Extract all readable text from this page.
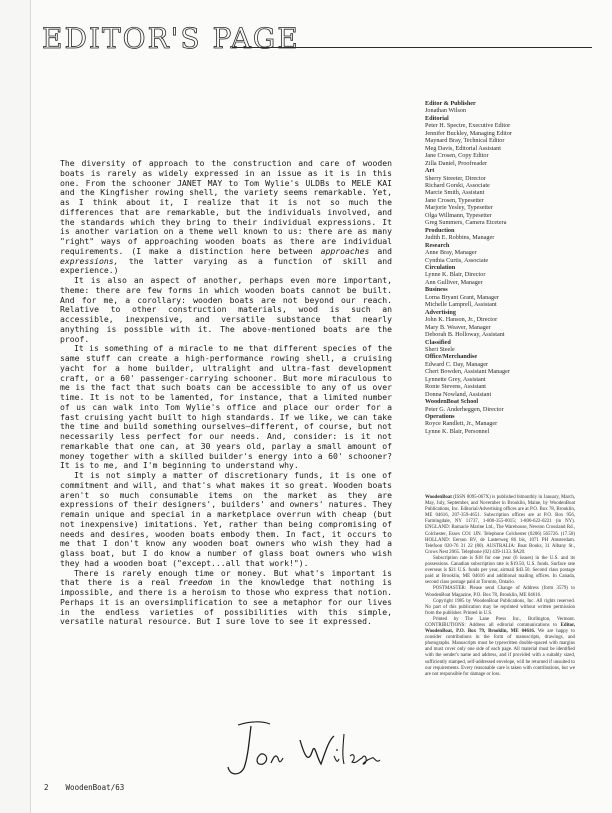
EDITOR'S PAGE

The diversity of approach to the construction and care of wooden boats is rarely as widely expressed in an issue as it is in this one. From the schooner JANET MAY to Tom Wylie's ULDBs to MELE KAI and the Kingfisher rowing shell, the variety seems remarkable. Yet, as I think about it, I realize that it is not so much the differences that are remarkable, but the individuals involved, and the standards which they bring to their individual expressions. It is another variation on a theme well known to us: there are as many "right" ways of approaching wooden boats as there are individual requirements. (I make a distinction here between approaches and expressions, the latter varying as a function of skill and experience.)

It is also an aspect of another, perhaps even more important, theme: there are few forms in which wooden boats cannot be built. And for me, a corollary: wooden boats are not beyond our reach. Relative to other construction materials, wood is such an accessible, inexpensive, and versatile substance that nearly anything is possible with it. The above-mentioned boats are the proof.

It is something of a miracle to me that different species of the same stuff can create a high-performance rowing shell, a cruising yacht for a home builder, ultralight and ultra-fast development craft, or a 60' passenger-carrying schooner. But more miraculous to me is the fact that such boats can be accessible to any of us over time. It is not to be lamented, for instance, that a limited number of us can walk into Tom Wylie's office and place our order for a fast cruising yacht built to high standards. If we like, we can take the time and build something ourselves—different, of course, but not necessarily less perfect for our needs. And, consider: is it not remarkable that one can, at 30 years old, parlay a small amount of money together with a skilled builder's energy into a 60' schooner? It is to me, and I'm beginning to understand why.

It is not simply a matter of discretionary funds, it is one of commitment and will, and that's what makes it so great. Wooden boats aren't so much consumable items on the market as they are expressions of their designers', builders' and owners' natures. They remain unique and special in a marketplace overrun with cheap (but not inexpensive) imitations. Yet, rather than being compromising of needs and desires, wooden boats embody them. In fact, it occurs to me that I don't know any wooden boat owners who wish they had a glass boat, but I do know a number of glass boat owners who wish they had a wooden boat ("except...all that work!").

There is rarely enough time or money. But what's important is that there is a real freedom in the knowledge that nothing is impossible, and there is a heroism to those who express that notion. Perhaps it is an oversimplification to see a metaphor for our lives in the endless varieties of possibilities with this simple, versatile natural resource. But I sure love to see it expressed.

Editor & Publisher
Jonathan Wilson
Editorial
Peter H. Spectre, Executive Editor
Jennifer Buckley, Managing Editor
Maynard Bray, Technical Editor
Meg Davis, Editorial Assistant
Jane Crosen, Copy Editor
Zilla Daniel, Proofreader
Art
Sherry Streeter, Director
Richard Gorski, Associate
Marcie Smith, Assistant
Jane Crosen, Typesetter
Marjorie Yesley, Typesetter
Olga Willmann, Typesetter
Greg Summers, Camera Etcetera
Production
Judith E. Robbins, Manager
Research
Anne Bray, Manager
Cynthia Curtis, Associate
Circulation
Lynne K. Blair, Director
Ann Gulliver, Manager
Business
Lorna Bryant Grant, Manager
Michelle Lamprell, Assistant
Advertising
John K. Hanson, Jr., Director
Mary B. Weaver, Manager
Deborah B. Holloway, Assistant
Classified
Sheri Steele
Office/Merchandise
Edward C. Day, Manager
Cheri Bowden, Assistant Manager
Lynnette Grey, Assistant
Ronie Stevens, Assistant
Donna Nowland, Assistant
WoodenBoat School
Peter G. Anderheggen, Director
Operations
Royce Randlett, Jr., Manager
Lynne K. Blair, Personnel

WoodenBoat (ISSN 0095-067X) is published bimonthly in January, March, May, July, September, and November in Brooklin, Maine, by WoodenBoat Publications, Inc. Editorial/Advertising offices are at P.O. Box 78, Brooklin, ME 04616, 207-359-4651. Subscription offices are at P.O. Box 956, Farmingdale, NY 11737, 1-800-355-0015; 1-800-622-0221 (in NY). ENGLAND: Barnacle Marine Ltd., The Warehouse, Newton Crossland Rd., Colchester, Essex CO1 1JN. Telephone Colchester (0206) 565726. (17.50) HOLLAND: Eerson BV, de Lasterweg 86 bis, 1071 PH Amsterdam. Telefoon 020-76 31 22 (80). AUSTRALIA: Boat Books, 31 Albany St., Crows Nest 2065. Telephone (02) 439-1133. $A20.

Subscription rate is $18 for one year (6 issues) in the U.S. and its possessions. Canadian subscription rate is $19.50, U.S. funds. Surface rate overseas is $21 U.S. funds per year, airmail $43.50. Second class postage paid at Brooklin, ME 04616 and additional mailing offices. In Canada, second class postage paid at Toronto, Ontario.

POSTMASTER: Please send Change of Address (form 3579) to WoodenBoat Magazine, P.O. Box 78, Brooklin, ME 04616.

Copyright 1985 by WoodenBoat Publications, Inc. All rights reserved. No part of this publication may be reprinted without written permission from the publisher. Printed in U.S.

Printed by The Lane Press Inc., Burlington, Vermont. CONTRIBUTIONS: Address all editorial communications to Editor, WoodenBoat, P.O. Box 79, Brooklin, ME 04616. We are happy to consider contributions in the form of manuscripts, drawings, and photographs. Manuscripts must be typewritten double-spaced with margins and must cover only one side of each page. All material must be identified with the sender's name and address, and if provided with a suitably sized, sufficiently stamped, self-addressed envelope, will be returned if unsuited to our requirements. Every reasonable care is taken with contributions, but we are not responsible for damage or loss.

2 WoodenBoat/63
